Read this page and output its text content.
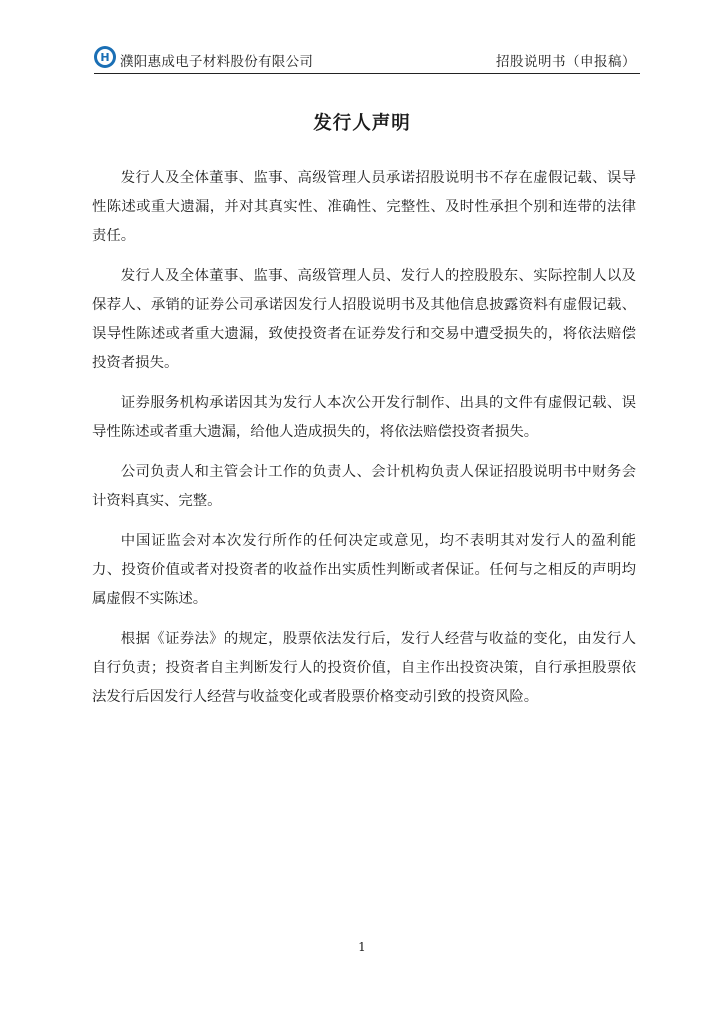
H 濮阳惠成电子材料股份有限公司	招股说明书（申报稿）
发行人声明

发行人及全体董事、监事、高级管理人员承诺招股说明书不存在虚假记载、误导性陈述或重大遗漏，并对其真实性、准确性、完整性、及时性承担个别和连带的法律责任。

发行人及全体董事、监事、高级管理人员、发行人的控股股东、实际控制人以及保荐人、承销的证券公司承诺因发行人招股说明书及其他信息披露资料有虚假记载、误导性陈述或者重大遗漏，致使投资者在证券发行和交易中遭受损失的，将依法赔偿投资者损失。

证券服务机构承诺因其为发行人本次公开发行制作、出具的文件有虚假记载、误导性陈述或者重大遗漏，给他人造成损失的，将依法赔偿投资者损失。

公司负责人和主管会计工作的负责人、会计机构负责人保证招股说明书中财务会计资料真实、完整。

中国证监会对本次发行所作的任何决定或意见，均不表明其对发行人的盈利能力、投资价值或者对投资者的收益作出实质性判断或者保证。任何与之相反的声明均属虚假不实陈述。

根据《证券法》的规定，股票依法发行后，发行人经营与收益的变化，由发行人自行负责；投资者自主判断发行人的投资价值，自主作出投资决策，自行承担股票依法发行后因发行人经营与收益变化或者股票价格变动引致的投资风险。

1
